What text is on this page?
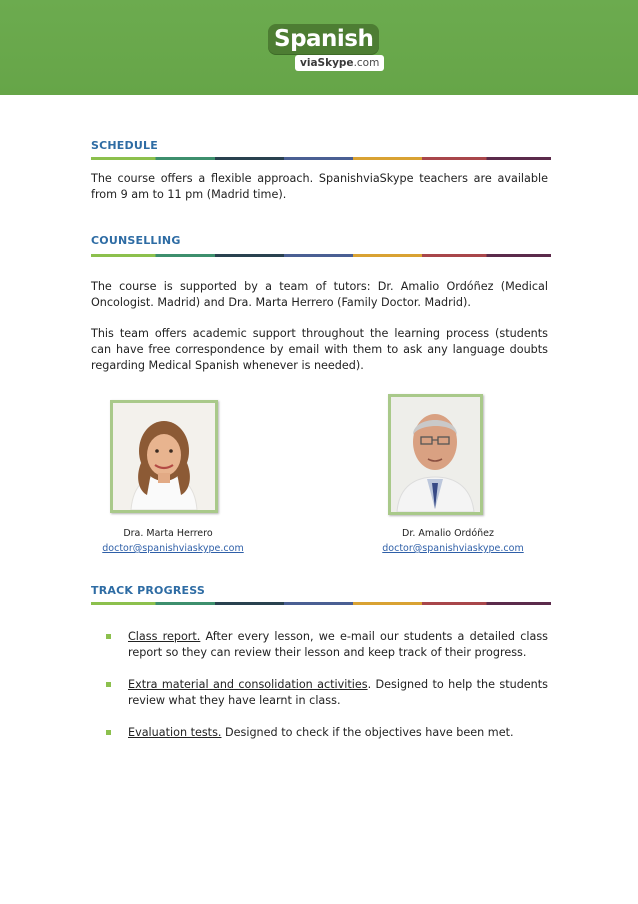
Spanish
viaSkype.com
SCHEDULE
The course offers a flexible approach. SpanishviaSkype teachers are available from 9 am to 11 pm (Madrid time).
COUNSELLING
The course is supported by a team of tutors: Dr. Amalio Ordóñez (Medical Oncologist. Madrid) and Dra. Marta Herrero (Family Doctor. Madrid).
This team offers academic support throughout the learning process (students can have free correspondence by email with them to ask any language doubts regarding Medical Spanish whenever is needed).
Dra. Marta Herrero
doctor@spanishviaskype.com
Dr. Amalio Ordóñez
doctor@spanishviaskype.com
TRACK PROGRESS
Class report. After every lesson, we e-mail our students a detailed class report so they can review their lesson and keep track of their progress.
Extra material and consolidation activities. Designed to help the students review what they have learnt in class.
Evaluation tests. Designed to check if the objectives have been met.
